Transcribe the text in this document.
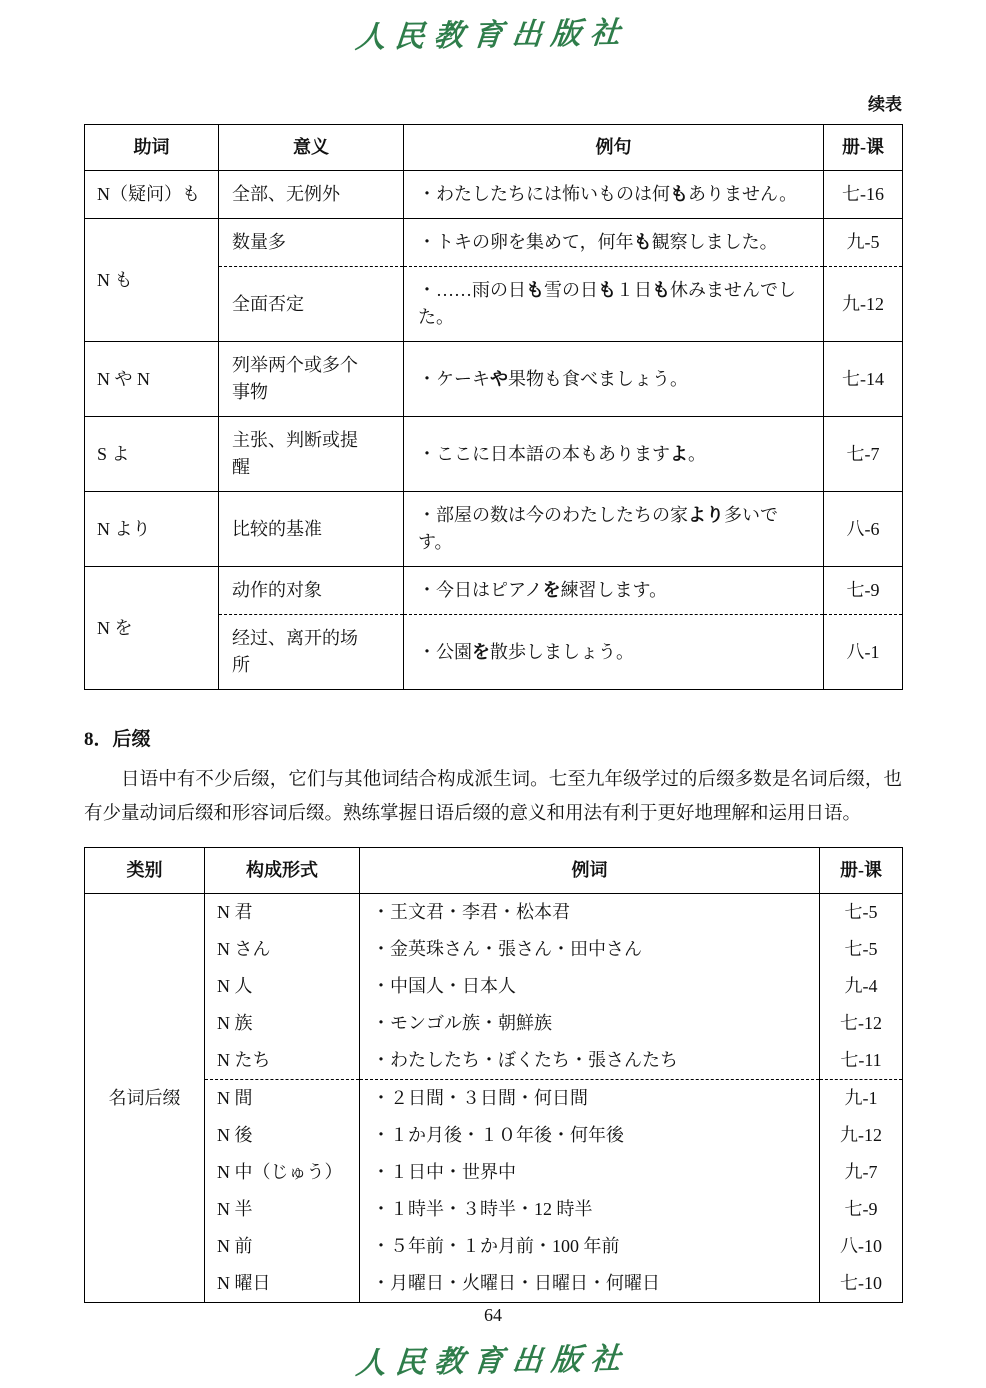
人民教育出版社
续表
助词	意义	例句	册-课
N（疑问）も	全部、无例外	・わたしたちには怖いものは何もありません。	七-16
N も	数量多	・トキの卵を集めて，何年も観察しました。	九-5
	全面否定	・……雨の日も雪の日も１日も休みませんでした。	九-12
N や N	列举两个或多个事物	・ケーキや果物も食べましょう。	七-14
S よ	主张、判断或提醒	・ここに日本語の本もありますよ。	七-7
N より	比较的基准	・部屋の数は今のわたしたちの家より多いです。	八-6
N を	动作的对象	・今日はピアノを練習します。	七-9
	经过、离开的场所	・公園を散歩しましょう。	八-1
8．后缀

日语中有不少后缀，它们与其他词结合构成派生词。七至九年级学过的后缀多数是名词后缀，也有少量动词后缀和形容词后缀。熟练掌握日语后缀的意义和用法有利于更好地理解和运用日语。

类别	构成形式	例词	册-课
名词后缀	N 君	・王文君・李君・松本君	七-5
	N さん	・金英珠さん・張さん・田中さん	七-5
	N 人	・中国人・日本人	九-4
	N 族	・モンゴル族・朝鮮族	七-12
	N たち	・わたしたち・ぼくたち・張さんたち	七-11
	N 間	・２日間・３日間・何日間	九-1
	N 後	・１か月後・１０年後・何年後	九-12
	N 中（じゅう）	・１日中・世界中	九-7
	N 半	・１時半・３時半・12 時半	七-9
	N 前	・５年前・１か月前・100 年前	八-10
	N 曜日	・月曜日・火曜日・日曜日・何曜日	七-10
64
人民教育出版社
